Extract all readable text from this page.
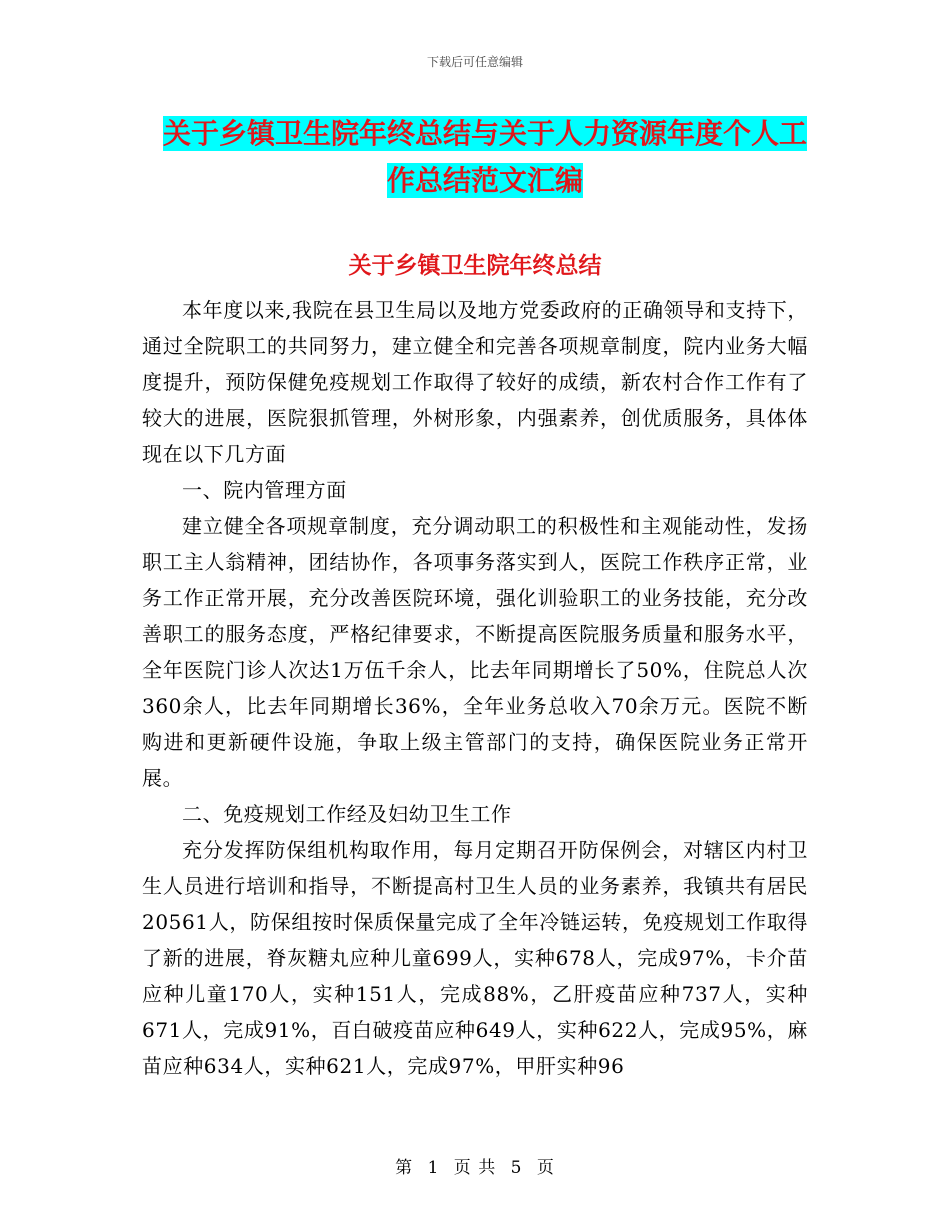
下载后可任意编辑
关于乡镇卫生院年终总结与关于人力资源年度个人工
作总结范文汇编
关于乡镇卫生院年终总结

本年度以来,我院在县卫生局以及地方党委政府的正确领导和支持下，通过全院职工的共同努力，建立健全和完善各项规章制度，院内业务大幅度提升，预防保健免疫规划工作取得了较好的成绩，新农村合作工作有了较大的进展，医院狠抓管理，外树形象，内强素养，创优质服务，具体体现在以下几方面

一、院内管理方面

建立健全各项规章制度，充分调动职工的积极性和主观能动性，发扬职工主人翁精神，团结协作，各项事务落实到人，医院工作秩序正常，业务工作正常开展，充分改善医院环境，强化训验职工的业务技能，充分改善职工的服务态度，严格纪律要求，不断提高医院服务质量和服务水平，全年医院门诊人次达1万伍千余人，比去年同期增长了50%，住院总人次360余人，比去年同期增长36%，全年业务总收入70余万元。医院不断购进和更新硬件设施，争取上级主管部门的支持，确保医院业务正常开展。

二、免疫规划工作经及妇幼卫生工作

充分发挥防保组机构取作用，每月定期召开防保例会，对辖区内村卫生人员进行培训和指导，不断提高村卫生人员的业务素养，我镇共有居民20561人，防保组按时保质保量完成了全年冷链运转，免疫规划工作取得了新的进展，脊灰糖丸应种儿童699人，实种678人，完成97%，卡介苗应种儿童170人，实种151人，完成88%，乙肝疫苗应种737人，实种671人，完成91%，百白破疫苗应种649人，实种622人，完成95%，麻苗应种634人，实种621人，完成97%，甲肝实种96

第 1 页 共 5 页
